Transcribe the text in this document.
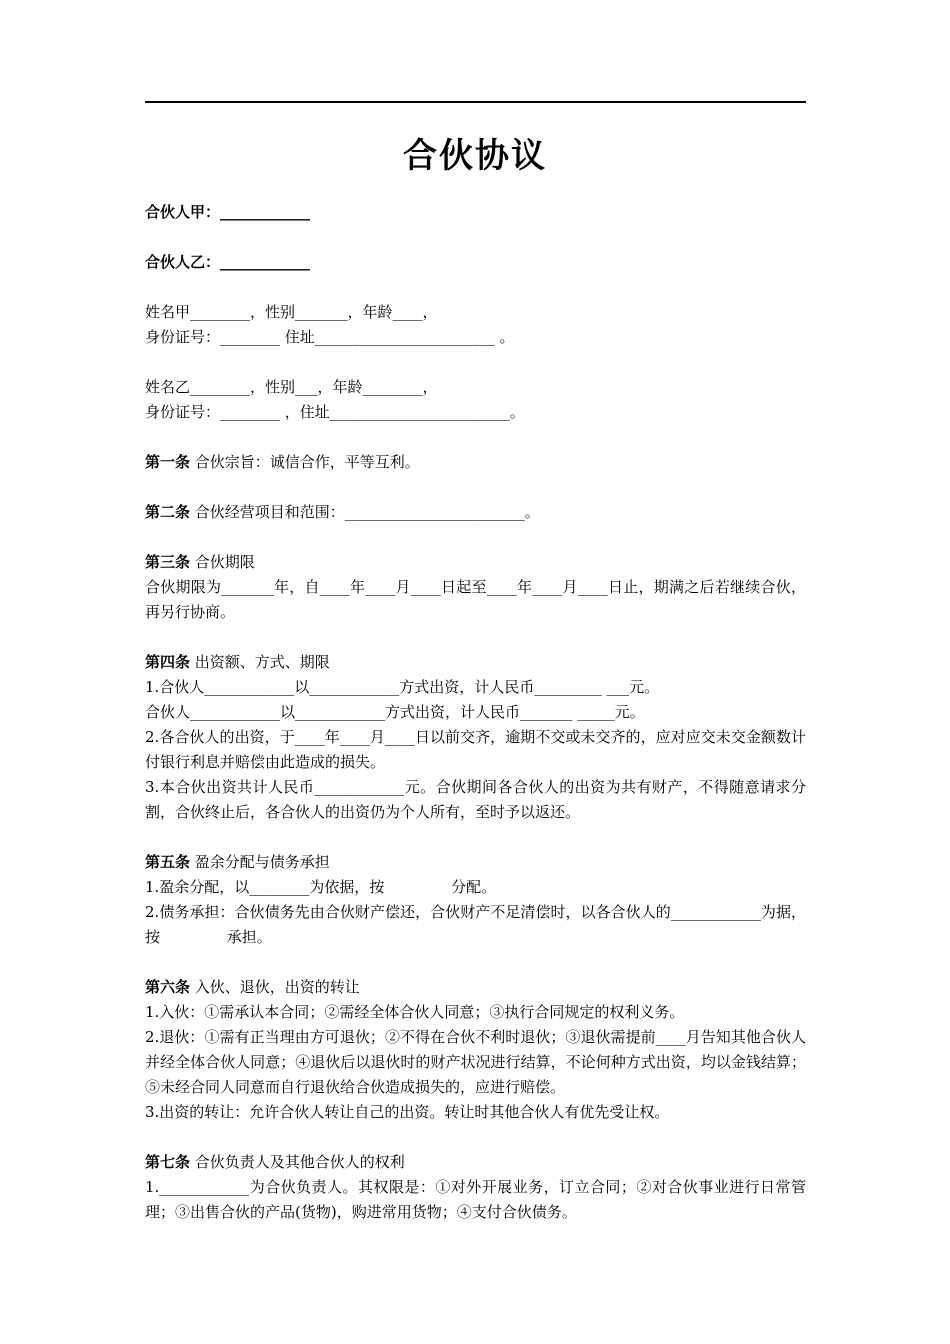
合伙协议

合伙人甲：____________

合伙人乙：____________

姓名甲________，性别_______，年龄____，

身份证号：________ 住址________________________ 。

姓名乙________，性别___，年龄________，

身份证号：________ ，住址________________________。

第一条 合伙宗旨：诚信合作，平等互利。

第二条 合伙经营项目和范围：________________________。

第三条 合伙期限

合伙期限为_______年，自____年____月____日起至____年____月____日止，期满之后若继续合伙，再另行协商。

第四条 出资额、方式、期限

1.合伙人____________以____________方式出资，计人民币_________ ___元。

合伙人____________以____________方式出资，计人民币_______ _____元。

2.各合伙人的出资，于____年____月____日以前交齐，逾期不交或未交齐的，应对应交未交金额数计付银行利息并赔偿由此造成的损失。

3.本合伙出资共计人民币____________元。合伙期间各合伙人的出资为共有财产，不得随意请求分割，合伙终止后，各合伙人的出资仍为个人所有，至时予以返还。

第五条 盈余分配与债务承担

1.盈余分配，以________为依据，按              分配。

2.债务承担：合伙债务先由合伙财产偿还，合伙财产不足清偿时，以各合伙人的____________为据，按              承担。

第六条 入伙、退伙，出资的转让

1.入伙：①需承认本合同；②需经全体合伙人同意；③执行合同规定的权利义务。

2.退伙：①需有正当理由方可退伙；②不得在合伙不利时退伙；③退伙需提前____月告知其他合伙人并经全体合伙人同意；④退伙后以退伙时的财产状况进行结算，不论何种方式出资，均以金钱结算；⑤未经合同人同意而自行退伙给合伙造成损失的，应进行赔偿。

3.出资的转让：允许合伙人转让自己的出资。转让时其他合伙人有优先受让权。

第七条 合伙负责人及其他合伙人的权利

1.____________为合伙负责人。其权限是：①对外开展业务，订立合同；②对合伙事业进行日常管理；③出售合伙的产品(货物)，购进常用货物；④支付合伙债务。
